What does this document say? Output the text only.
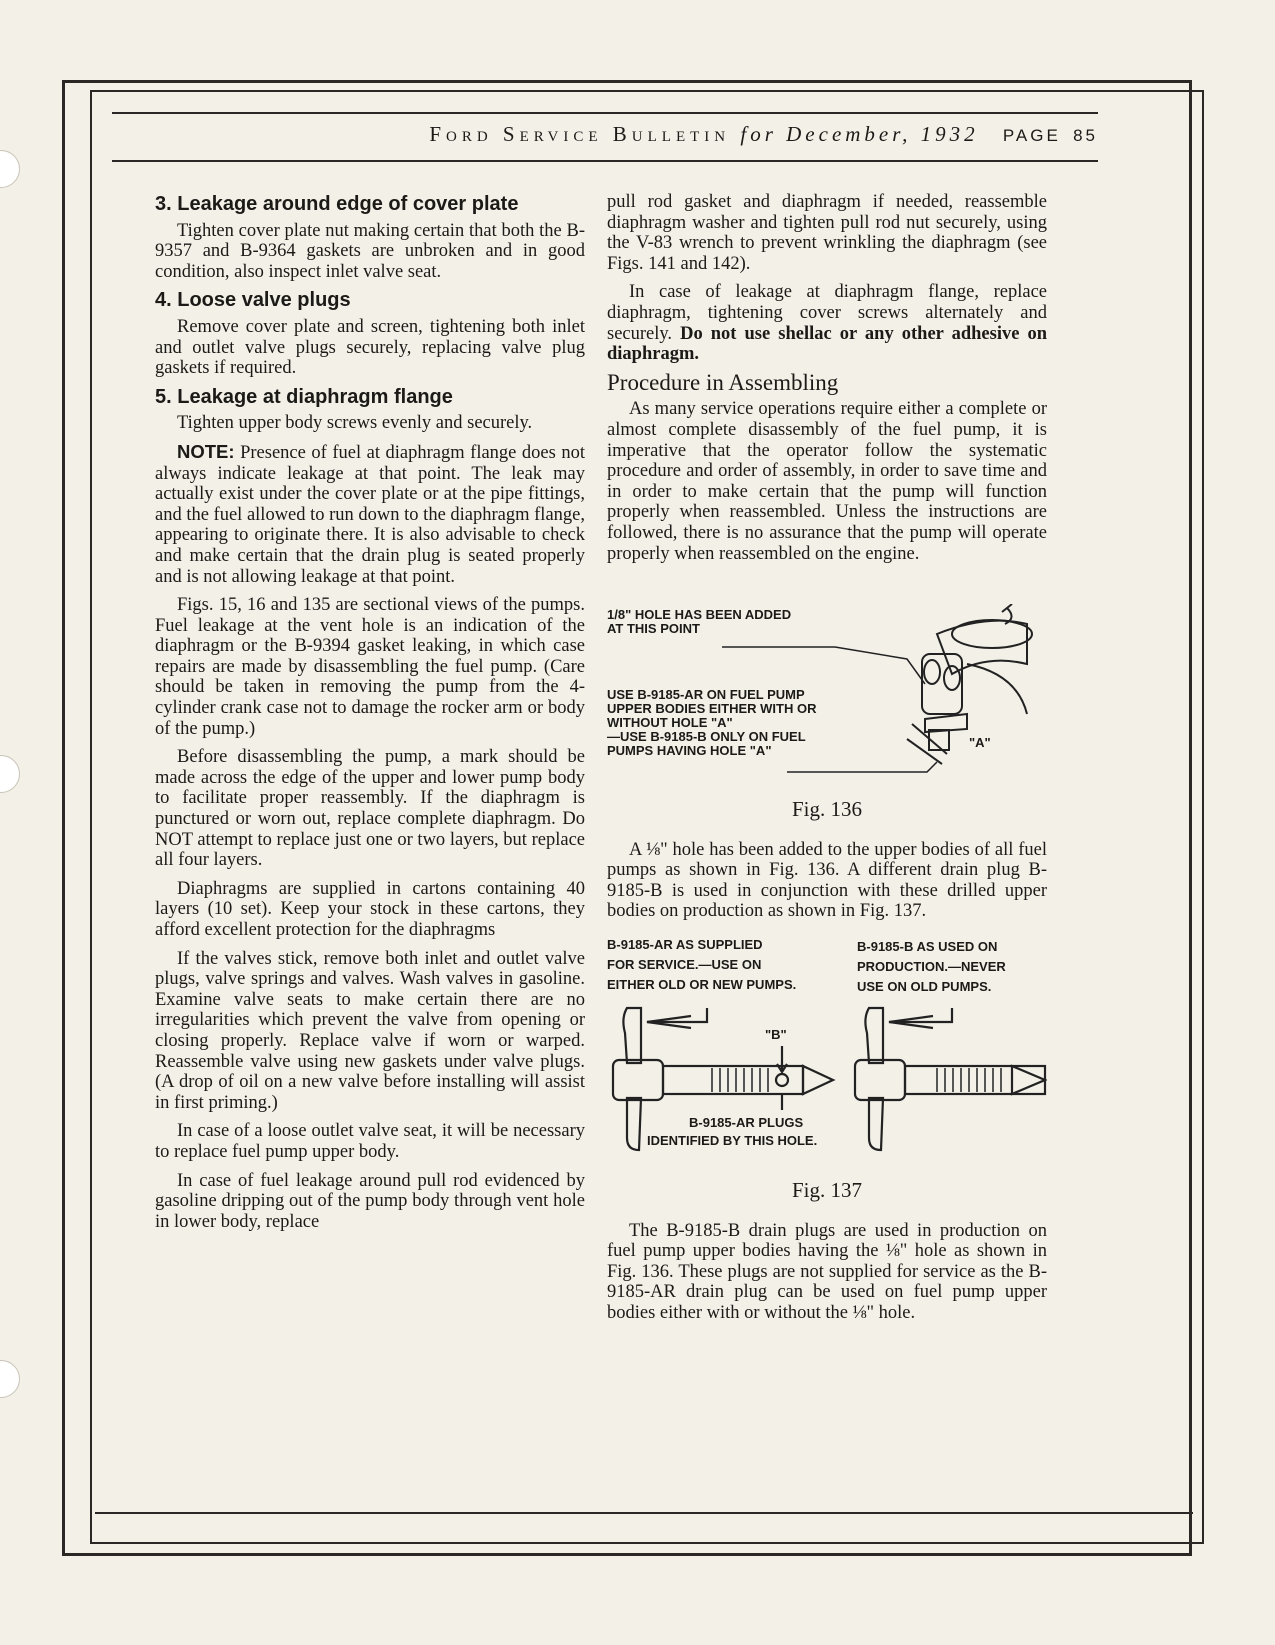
Ford Service Bulletin for December, 1932 PAGE 85
3. Leakage around edge of cover plate

Tighten cover plate nut making certain that both the B-9357 and B-9364 gaskets are unbroken and in good condition, also inspect inlet valve seat.

4. Loose valve plugs

Remove cover plate and screen, tightening both inlet and outlet valve plugs securely, replacing valve plug gaskets if required.

5. Leakage at diaphragm flange

Tighten upper body screws evenly and securely.

NOTE: Presence of fuel at diaphragm flange does not always indicate leakage at that point. The leak may actually exist under the cover plate or at the pipe fittings, and the fuel allowed to run down to the diaphragm flange, appearing to originate there. It is also advisable to check and make certain that the drain plug is seated properly and is not allowing leakage at that point.

Figs. 15, 16 and 135 are sectional views of the pumps. Fuel leakage at the vent hole is an indication of the diaphragm or the B-9394 gasket leaking, in which case repairs are made by disassembling the fuel pump. (Care should be taken in removing the pump from the 4-cylinder crank case not to damage the rocker arm or body of the pump.)

Before disassembling the pump, a mark should be made across the edge of the upper and lower pump body to facilitate proper reassembly. If the diaphragm is punctured or worn out, replace complete diaphragm. Do NOT attempt to replace just one or two layers, but replace all four layers.

Diaphragms are supplied in cartons containing 40 layers (10 set). Keep your stock in these cartons, they afford excellent protection for the diaphragms

If the valves stick, remove both inlet and outlet valve plugs, valve springs and valves. Wash valves in gasoline. Examine valve seats to make certain there are no irregularities which prevent the valve from opening or closing properly. Replace valve if worn or warped. Reassemble valve using new gaskets under valve plugs. (A drop of oil on a new valve before installing will assist in first priming.)

In case of a loose outlet valve seat, it will be necessary to replace fuel pump upper body.

In case of fuel leakage around pull rod evidenced by gasoline dripping out of the pump body through vent hole in lower body, replace

pull rod gasket and diaphragm if needed, reassemble diaphragm washer and tighten pull rod nut securely, using the V-83 wrench to prevent wrinkling the diaphragm (see Figs. 141 and 142).

In case of leakage at diaphragm flange, replace diaphragm, tightening cover screws alternately and securely. Do not use shellac or any other adhesive on diaphragm.

Procedure in Assembling

As many service operations require either a complete or almost complete disassembly of the fuel pump, it is imperative that the operator follow the systematic procedure and order of assembly, in order to save time and in order to make certain that the pump will function properly when reassembled. Unless the instructions are followed, there is no assurance that the pump will operate properly when reassembled on the engine.

1/8" HOLE HAS BEEN ADDED
AT THIS POINT
USE B-9185-AR ON FUEL PUMP
UPPER BODIES EITHER WITH OR
WITHOUT HOLE "A"
—USE B-9185-B ONLY ON FUEL
PUMPS HAVING HOLE "A"
"A"
Fig. 136

A ⅛" hole has been added to the upper bodies of all fuel pumps as shown in Fig. 136. A different drain plug B-9185-B is used in conjunction with these drilled upper bodies on production as shown in Fig. 137.

B-9185-AR AS SUPPLIED
FOR SERVICE.—USE ON
EITHER OLD OR NEW PUMPS.
B-9185-B AS USED ON
PRODUCTION.—NEVER
USE ON OLD PUMPS.
"B"
B-9185-AR PLUGS
IDENTIFIED BY THIS HOLE.
Fig. 137

The B-9185-B drain plugs are used in production on fuel pump upper bodies having the ⅛" hole as shown in Fig. 136. These plugs are not supplied for service as the B-9185-AR drain plug can be used on fuel pump upper bodies either with or without the ⅛" hole.
